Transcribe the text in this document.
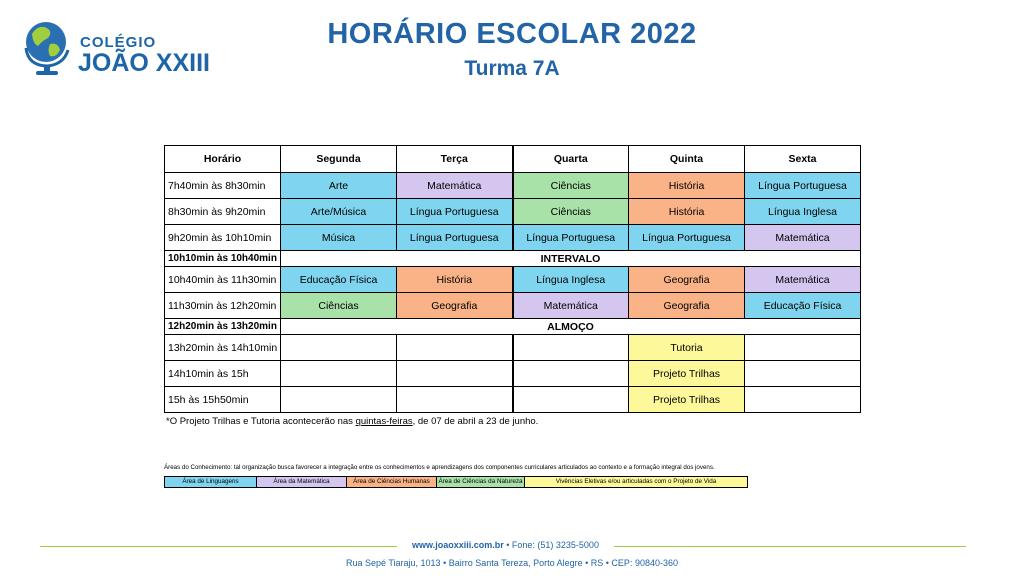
COLÉGIO
JOÃO XXIII
HORÁRIO ESCOLAR 2022
Turma 7A
Horário	Segunda	Terça	Quarta	Quinta	Sexta
7h40min às 8h30min	Arte	Matemática	Ciências	História	Língua Portuguesa
8h30min às 9h20min	Arte/Música	Língua Portuguesa	Ciências	História	Língua Inglesa
9h20min às 10h10min	Música	Língua Portuguesa	Língua Portuguesa	Língua Portuguesa	Matemática
10h10min às 10h40min	INTERVALO				
10h40min às 11h30min	Educação Física	História	Língua Inglesa	Geografia	Matemática
11h30min às 12h20min	Ciências	Geografia	Matemática	Geografia	Educação Física
12h20min às 13h20min	ALMOÇO				
13h20min às 14h10min				Tutoria	
14h10min às 15h				Projeto Trilhas	
15h às 15h50min				Projeto Trilhas	
*O Projeto Trilhas e Tutoria acontecerão nas quintas-feiras, de 07 de abril a 23 de junho.
Áreas do Conhecimento: tal organização busca favorecer a integração entre os conhecimentos e aprendizagens dos componentes curriculares articulados ao contexto e a formação integral dos jovens.
Área de Linguagens	Área da Matemática	Área de Ciências Humanas	Área de Ciências da Natureza	Vivências Eletivas e/ou articuladas com o Projeto de Vida
www.joaoxxiii.com.br • Fone: (51) 3235-5000
Rua Sepé Tiaraju, 1013 • Bairro Santa Tereza, Porto Alegre • RS • CEP: 90840-360
